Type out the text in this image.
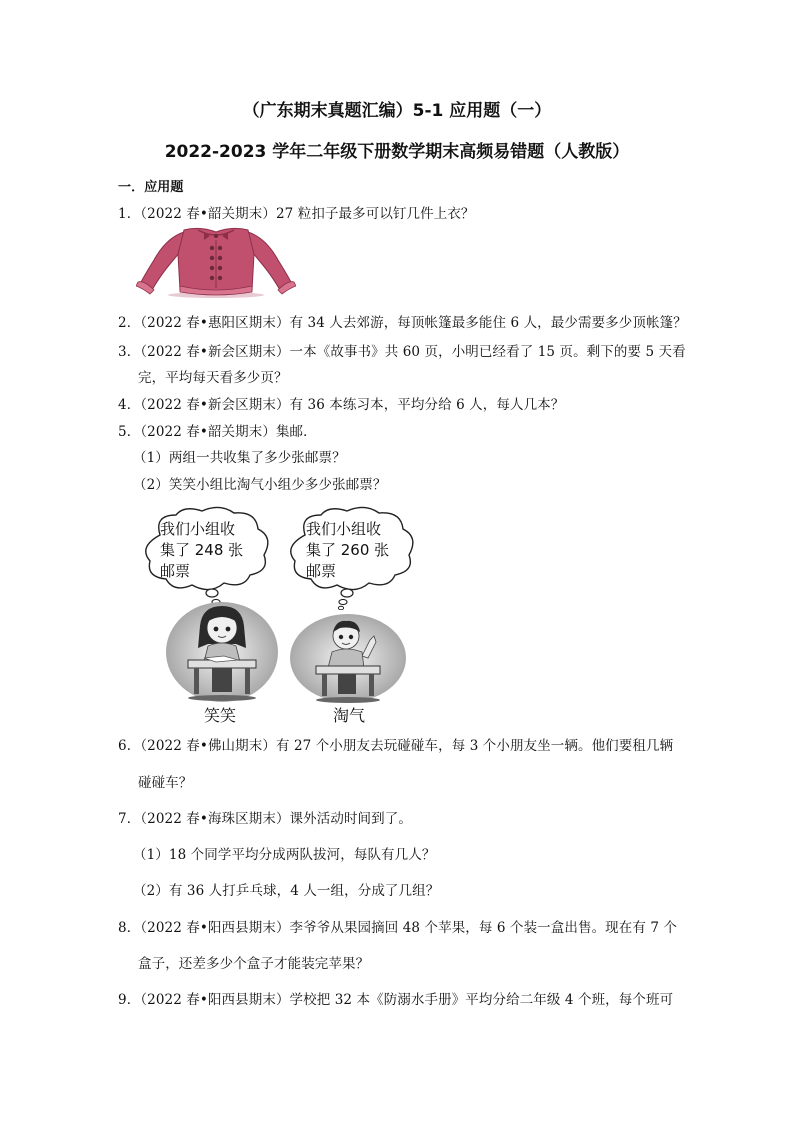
（广东期末真题汇编）5-1 应用题（一）
2022-2023 学年二年级下册数学期末高频易错题（人教版）
一．应用题
1．（2022 春•韶关期末）27 粒扣子最多可以钉几件上衣？
2．（2022 春•惠阳区期末）有 34 人去郊游，每顶帐篷最多能住 6 人，最少需要多少顶帐篷？
3．（2022 春•新会区期末）一本《故事书》共 60 页，小明已经看了 15 页。剩下的要 5 天看
完，平均每天看多少页？
4．（2022 春•新会区期末）有 36 本练习本，平均分给 6 人，每人几本？
5．（2022 春•韶关期末）集邮．
（1）两组一共收集了多少张邮票？
（2）笑笑小组比淘气小组少多少张邮票？
我们小组收
集了 248 张
邮票
我们小组收
集了 260 张
邮票
笑笑	淘气
6．（2022 春•佛山期末）有 27 个小朋友去玩碰碰车，每 3 个小朋友坐一辆。他们要租几辆
碰碰车？
7．（2022 春•海珠区期末）课外活动时间到了。
（1）18 个同学平均分成两队拔河，每队有几人？
（2）有 36 人打乒乓球，4 人一组，分成了几组？
8．（2022 春•阳西县期末）李爷爷从果园摘回 48 个苹果，每 6 个装一盒出售。现在有 7 个
盒子，还差多少个盒子才能装完苹果？
9．（2022 春•阳西县期末）学校把 32 本《防溺水手册》平均分给二年级 4 个班，每个班可
